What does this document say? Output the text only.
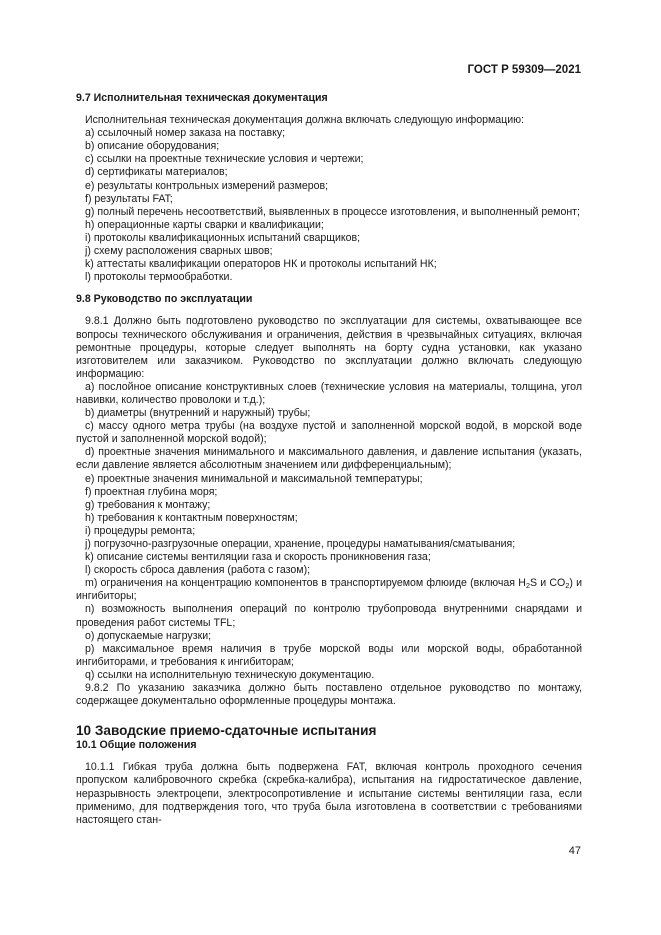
ГОСТ Р 59309—2021

9.7 Исполнительная техническая документация

Исполнительная техническая документация должна включать следующую информацию:

a) ссылочный номер заказа на поставку;

b) описание оборудования;

c) ссылки на проектные технические условия и чертежи;

d) сертификаты материалов;

e) результаты контрольных измерений размеров;

f) результаты FAT;

g) полный перечень несоответствий, выявленных в процессе изготовления, и выполненный ремонт;

h) операционные карты сварки и квалификации;

i) протоколы квалификационных испытаний сварщиков;

j) схему расположения сварных швов;

k) аттестаты квалификации операторов НК и протоколы испытаний НК;

l) протоколы термообработки.

9.8 Руководство по эксплуатации

9.8.1 Должно быть подготовлено руководство по эксплуатации для системы, охватывающее все вопросы технического обслуживания и ограничения, действия в чрезвычайных ситуациях, включая ремонтные процедуры, которые следует выполнять на борту судна установки, как указано изготовителем или заказчиком. Руководство по эксплуатации должно включать следующую информацию:

a) послойное описание конструктивных слоев (технические условия на материалы, толщина, угол навивки, количество проволоки и т.д.);

b) диаметры (внутренний и наружный) трубы;

c) массу одного метра трубы (на воздухе пустой и заполненной морской водой, в морской воде пустой и заполненной морской водой);

d) проектные значения минимального и максимального давления, и давление испытания (указать, если давление является абсолютным значением или дифференциальным);

e) проектные значения минимальной и максимальной температуры;

f) проектная глубина моря;

g) требования к монтажу;

h) требования к контактным поверхностям;

i) процедуры ремонта;

j) погрузочно-разгрузочные операции, хранение, процедуры наматывания/сматывания;

k) описание системы вентиляции газа и скорость проникновения газа;

l) скорость сброса давления (работа с газом);

m) ограничения на концентрацию компонентов в транспортируемом флюиде (включая $H_2S$ и $CO_2$) и ингибиторы;

n) возможность выполнения операций по контролю трубопровода внутренними снарядами и проведения работ системы TFL;

o) допускаемые нагрузки;

p) максимальное время наличия в трубе морской воды или морской воды, обработанной ингибиторами, и требования к ингибиторам;

q) ссылки на исполнительную техническую документацию.

9.8.2 По указанию заказчика должно быть поставлено отдельное руководство по монтажу, содержащее документально оформленные процедуры монтажа.

10 Заводские приемо-сдаточные испытания

10.1 Общие положения

10.1.1 Гибкая труба должна быть подвержена FAT, включая контроль проходного сечения пропуском калибровочного скребка (скребка-калибра), испытания на гидростатическое давление, неразрывность электроцепи, электросопротивление и испытание системы вентиляции газа, если применимо, для подтверждения того, что труба была изготовлена в соответствии с требованиями настоящего стан-

47
